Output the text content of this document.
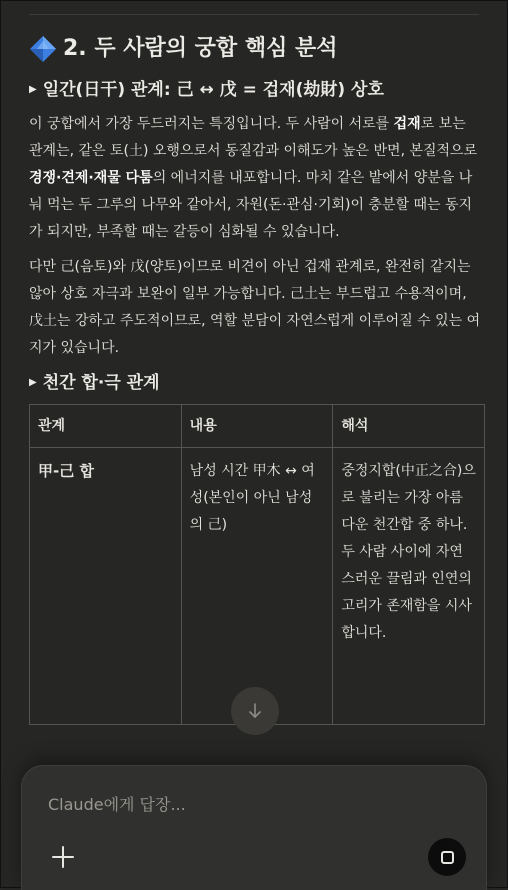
2. 두 사람의 궁합 핵심 분석
▶ 일간(日干) 관계: 己 ↔ 戊 = 겁재(劫財) 상호

이 궁합에서 가장 두드러지는 특징입니다. 두 사람이 서로를 겁재로 보는 관계는, 같은 토(土) 오행으로서 동질감과 이해도가 높은 반면, 본질적으로 경쟁·견제·재물 다툼의 에너지를 내포합니다. 마치 같은 밭에서 양분을 나눠 먹는 두 그루의 나무와 같아서, 자원(돈·관심·기회)이 충분할 때는 동지가 되지만, 부족할 때는 갈등이 심화될 수 있습니다.

다만 己(음토)와 戊(양토)이므로 비견이 아닌 겁재 관계로, 완전히 같지는 않아 상호 자극과 보완이 일부 가능합니다. 己土는 부드럽고 수용적이며, 戊土는 강하고 주도적이므로, 역할 분담이 자연스럽게 이루어질 수 있는 여지가 있습니다.

▶ 천간 합·극 관계
관계	내용	해석
甲-己 합	남성 시간 甲木 ↔ 여성(본인이 아닌 남성의 己)	중정지합(中正之合)으로 불리는 가장 아름다운 천간합 중 하나. 두 사람 사이에 자연스러운 끌림과 인연의 고리가 존재함을 시사합니다.
Claude에게 답장...
